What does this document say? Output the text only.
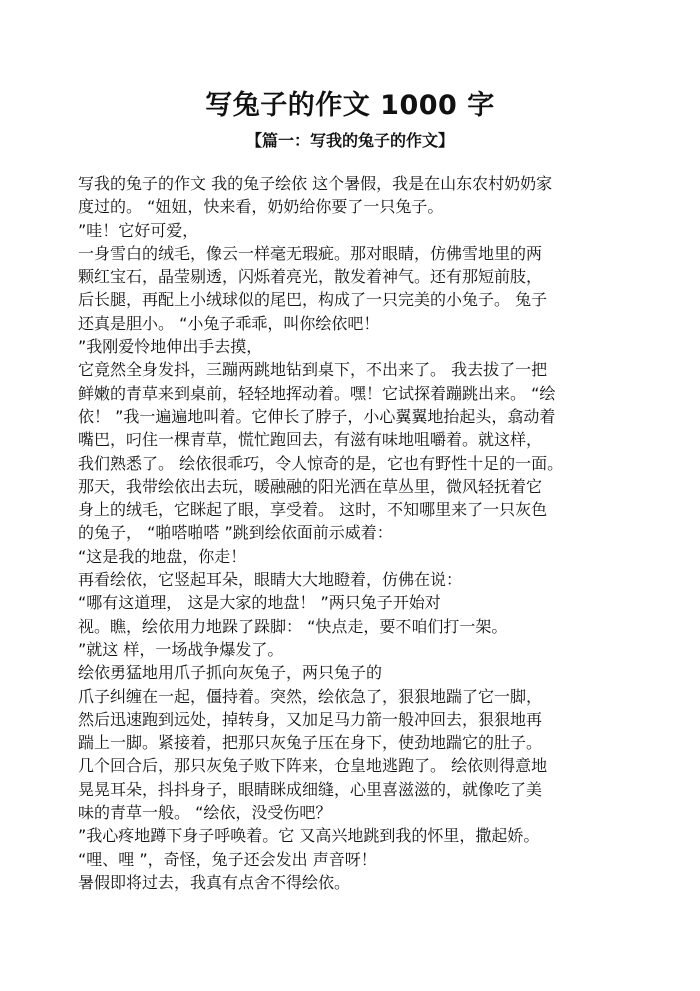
写兔子的作文 1000 字
【篇一：写我的兔子的作文】
写我的兔子的作文 我的兔子绘依 这个暑假，我是在山东农村奶奶家
度过的。 “妞妞，快来看，奶奶给你要了一只兔子。
”哇！它好可爱，
一身雪白的绒毛，像云一样毫无瑕疵。那对眼睛，仿佛雪地里的两
颗红宝石，晶莹剔透，闪烁着亮光，散发着神气。还有那短前肢，
后长腿，再配上小绒球似的尾巴，构成了一只完美的小兔子。 兔子
还真是胆小。 “小兔子乖乖，叫你绘依吧！
”我刚爱怜地伸出手去摸，
它竟然全身发抖，三蹦两跳地钻到桌下，不出来了。 我去拔了一把
鲜嫩的青草来到桌前，轻轻地挥动着。嘿！它试探着蹦跳出来。 “绘
依！ ”我一遍遍地叫着。它伸长了脖子，小心翼翼地抬起头，翕动着
嘴巴，叼住一棵青草，慌忙跑回去，有滋有味地咀嚼着。就这样，
我们熟悉了。 绘依很乖巧，令人惊奇的是，它也有野性十足的一面。
那天，我带绘依出去玩，暖融融的阳光洒在草丛里，微风轻抚着它
身上的绒毛，它眯起了眼，享受着。 这时，不知哪里来了一只灰色
的兔子， “啪嗒啪嗒 ”跳到绘依面前示威着：
“这是我的地盘，你走！
再看绘依，它竖起耳朵，眼睛大大地瞪着，仿佛在说：
“哪有这道理， 这是大家的地盘！ ”两只兔子开始对
视。瞧，绘依用力地跺了跺脚： “快点走，要不咱们打一架。
”就这 样，一场战争爆发了。
绘依勇猛地用爪子抓向灰兔子，两只兔子的
爪子纠缠在一起，僵持着。突然，绘依急了，狠狠地踹了它一脚，
然后迅速跑到远处，掉转身，又加足马力箭一般冲回去，狠狠地再
踹上一脚。紧接着，把那只灰兔子压在身下，使劲地踹它的肚子。
几个回合后，那只灰兔子败下阵来，仓皇地逃跑了。 绘依则得意地
晃晃耳朵，抖抖身子，眼睛眯成细缝，心里喜滋滋的，就像吃了美
味的青草一般。 “绘依，没受伤吧？
”我心疼地蹲下身子呼唤着。它 又高兴地跳到我的怀里，撒起娇。
“哩、哩 ”，奇怪，兔子还会发出 声音呀！
暑假即将过去，我真有点舍不得绘依。
